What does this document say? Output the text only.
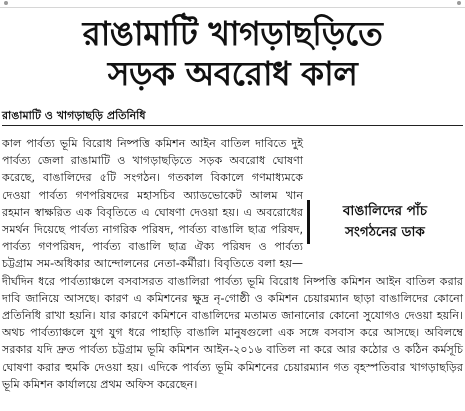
রাঙামাটি খাগড়াছড়িতে
সড়ক অবরোধ কাল
রাঙামাটি ও খাগড়াছড়ি প্রতিনিধি
বাঙালিদের পাঁচ
সংগঠনের ডাক

কাল পার্বত্য ভূমি বিরোধ নিষ্পত্তি কমিশন আইন বাতিল দাবিতে দুই পার্বত্য জেলা রাঙামাটি ও খাগড়াছড়িতে সড়ক অবরোধ ঘোষণা করেছে, বাঙালিদের ৫টি সংগঠন। গতকাল বিকালে গণমাধ্যমকে দেওয়া পার্বত্য গণপরিষদের মহাসচিব অ্যাডভোকেট আলম খান রহমান স্বাক্ষরিত এক বিবৃতিতে এ ঘোষণা দেওয়া হয়। এ অবরোধের সমর্থন দিয়েছে পার্বত্য নাগরিক পরিষদ, পার্বত্য বাঙালি ছাত্র পরিষদ, পার্বত্য গণপরিষদ, পার্বত্য বাঙালি ছাত্র ঐক্য পরিষদ ও পার্বত্য চট্টগ্রাম সম-অধিকার আন্দোলনের নেতা-কর্মীরা। বিবৃতিতে বলা হয়—দীর্ঘদিন ধরে পার্বত্যাঞ্চলে বসবাসরত বাঙালিরা পার্বত্য ভূমি বিরোধ নিষ্পত্তি কমিশন আইন বাতিল করার দাবি জানিয়ে আসছে। কারণ এ কমিশনের ক্ষুদ্র নৃ-গোষ্ঠী ও কমিশন চেয়ারম্যান ছাড়া বাঙালিদের কোনো প্রতিনিধি রাখা হয়নি। যার কারণে কমিশনে বাঙালিদের মতামত জানানোর কোনো সুযোগও দেওয়া হয়নি। অথচ পার্বত্যাঞ্চলে যুগ যুগ ধরে পাহাড়ি বাঙালি মানুষগুলো এক সঙ্গে বসবাস করে আসছে। অবিলম্বে সরকার যদি দ্রুত পার্বত্য চট্টগ্রাম ভূমি কমিশন আইন-২০১৬ বাতিল না করে আর কঠোর ও কঠিন কর্মসূচি ঘোষণা করার হুমকি দেওয়া হয়। এদিকে পার্বত্য ভূমি কমিশনের চেয়ারম্যান গত বৃহস্পতিবার খাগড়াছড়ির ভূমি কমিশন কার্যালয়ে প্রথম অফিস করেছেন।
